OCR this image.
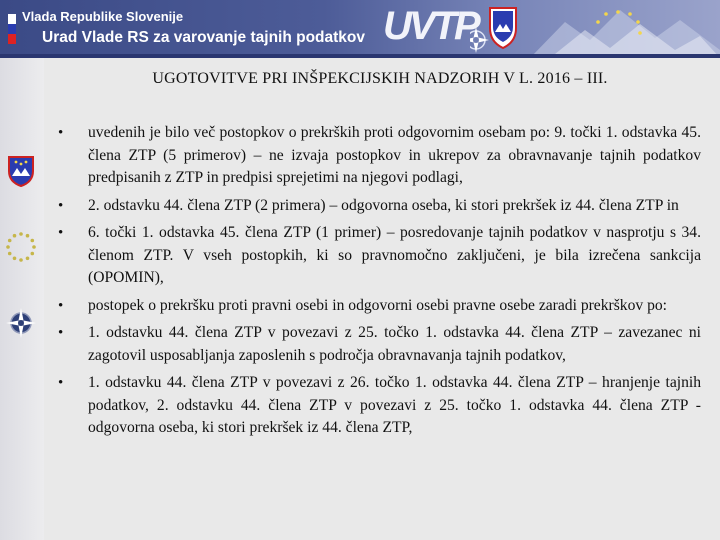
Vlada Republike Slovenije
Urad Vlade RS za varovanje tajnih podatkov UVTP
UGOTOVITVE PRI INŠPEKCIJSKIH NADZORIH V L. 2016 – III.
• uvedenih je bilo več postopkov o prekrških proti odgovornim osebam po: 9. točki 1. odstavka 45. člena ZTP (5 primerov) – ne izvaja postopkov in ukrepov za obravnavanje tajnih podatkov predpisanih z ZTP in predpisi sprejetimi na njegovi podlagi,
• 2. odstavku 44. člena ZTP (2 primera) – odgovorna oseba, ki stori prekršek iz 44. člena ZTP in
• 6. točki 1. odstavka 45. člena ZTP (1 primer) – posredovanje tajnih podatkov v nasprotju s 34. členom ZTP. V vseh postopkih, ki so pravnomočno zaključeni, je bila izrečena sankcija (OPOMIN),
• postopek o prekršku proti pravni osebi in odgovorni osebi pravne osebe zaradi prekrškov po:
• 1. odstavku 44. člena ZTP v povezavi z 25. točko 1. odstavka 44. člena ZTP – zavezanec ni zagotovil usposabljanja zaposlenih s področja obravnavanja tajnih podatkov,
• 1. odstavku 44. člena ZTP v povezavi z 26. točko 1. odstavka 44. člena ZTP – hranjenje tajnih podatkov, 2. odstavku 44. člena ZTP v povezavi z 25. točko 1. odstavka 44. člena ZTP - odgovorna oseba, ki stori prekršek iz 44. člena ZTP,
